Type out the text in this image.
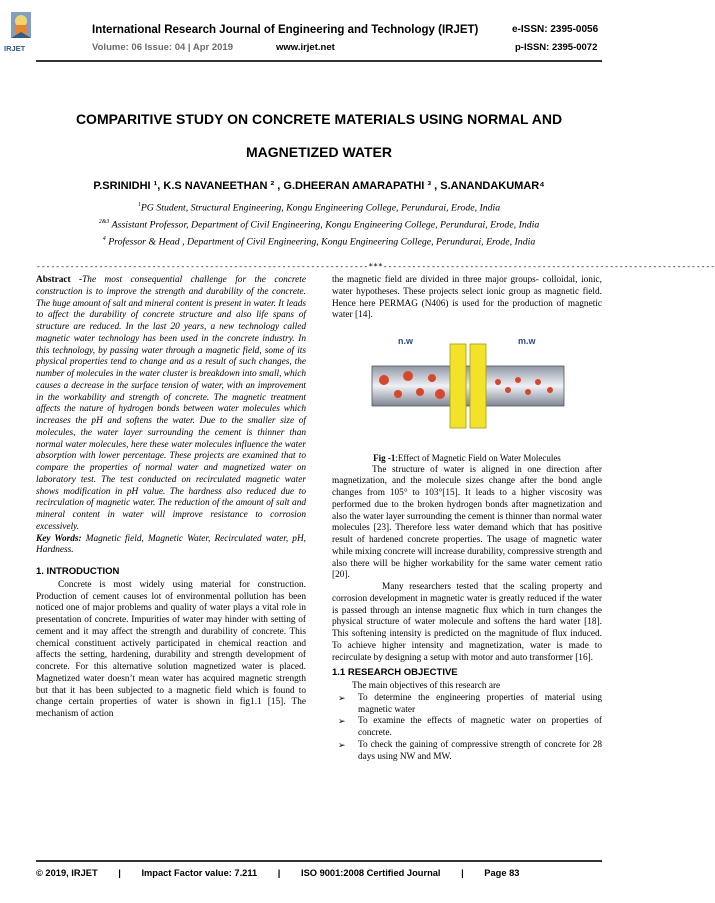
IRJET
International Research Journal of Engineering and Technology (IRJET)	e-ISSN: 2395-0056
Volume: 06 Issue: 04 | Apr 2019	www.irjet.net	p-ISSN: 2395-0072
COMPARITIVE STUDY ON CONCRETE MATERIALS USING NORMAL AND
MAGNETIZED WATER
P.SRINIDHI ¹, K.S NAVANEETHAN ² , G.DHEERAN AMARAPATHI ³ , S.ANANDAKUMAR⁴
$^1$PG Student, Structural Engineering, Kongu Engineering College, Perundurai, Erode, India
$^{2\&3}$ Assistant Professor, Department of Civil Engineering, Kongu Engineering College, Perundurai, Erode, India
$^4$ Professor & Head , Department of Civil Engineering, Kongu Engineering College, Perundurai, Erode, India
---------------------------------------------------------------------***---------------------------------------------------------------------

Abstract -The most consequential challenge for the concrete construction is to improve the strength and durability of the concrete. The huge amount of salt and mineral content is present in water. It leads to affect the durability of concrete structure and also life spans of structure are reduced. In the last 20 years, a new technology called magnetic water technology has been used in the concrete industry. In this technology, by passing water through a magnetic field, some of its physical properties tend to change and as a result of such changes, the number of molecules in the water cluster is breakdown into small, which causes a decrease in the surface tension of water, with an improvement in the workability and strength of concrete. The magnetic treatment affects the nature of hydrogen bonds between water molecules which increases the pH and softens the water. Due to the smaller size of molecules, the water layer surrounding the cement is thinner than normal water molecules, here these water molecules influence the water absorption with lower percentage. These projects are examined that to compare the properties of normal water and magnetized water on laboratory test. The test conducted on recirculated magnetic water shows modification in pH value. The hardness also reduced due to recirculation of magnetic water. The reduction of the amount of salt and mineral content in water will improve resistance to corrosion excessively.

Key Words: Magnetic field, Magnetic Water, Recirculated water, pH, Hardness.

1. INTRODUCTION

Concrete is most widely using material for construction. Production of cement causes lot of environmental pollution has been noticed one of major problems and quality of water plays a vital role in presentation of concrete. Impurities of water may hinder with setting of cement and it may affect the strength and durability of concrete. This chemical constituent actively participated in chemical reaction and affects the setting, hardening, durability and strength development of concrete. For this alternative solution magnetized water is placed. Magnetized water doesn’t mean water has acquired magnetic strength but that it has been subjected to a magnetic field which is found to change certain properties of water is shown in fig1.1 [15]. The mechanism of action

the magnetic field are divided in three major groups- colloidal, ionic, water hypotheses. These projects select ionic group as magnetic field. Hence here PERMAG (N406) is used for the production of magnetic water [14].

n.w	m.w

Fig -1:Effect of Magnetic Field on Water Molecules

The structure of water is aligned in one direction after magnetization, and the molecule sizes change after the bond angle changes from 105° to 103°[15]. It leads to a higher viscosity was performed due to the broken hydrogen bonds after magnetization and also the water layer surrounding the cement is thinner than normal water molecules [23]. Therefore less water demand which that has positive result of hardened concrete properties. The usage of magnetic water while mixing concrete will increase durability, compressive strength and also there will be higher workability for the same water cement ratio [20].

Many researchers tested that the scaling property and corrosion development in magnetic water is greatly reduced if the water is passed through an intense magnetic flux which in turn changes the physical structure of water molecule and softens the hard water [18]. This softening intensity is predicted on the magnitude of flux induced. To achieve higher intensity and magnetization, water is made to recirculate by designing a setup with motor and auto transformer [16].

1.1 RESEARCH OBJECTIVE

The main objectives of this research are

➢	To determine the engineering properties of material using magnetic water
➢	To examine the effects of magnetic water on properties of concrete.
➢	To check the gaining of compressive strength of concrete for 28 days using NW and MW.
© 2019, IRJET | Impact Factor value: 7.211 | ISO 9001:2008 Certified Journal | Page 83
